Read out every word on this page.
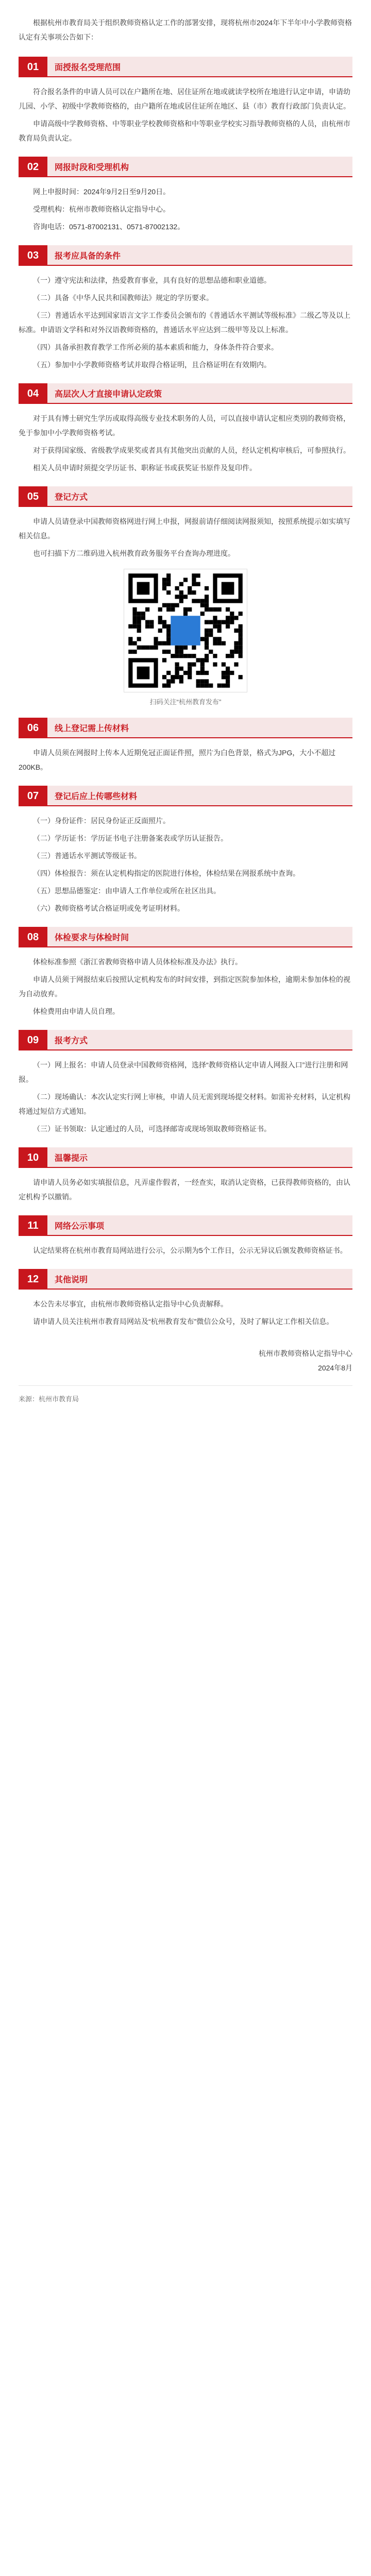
根据杭州市教育局关于组织教师资格认定工作的部署安排，现将杭州市2024年下半年中小学教师资格认定有关事项公告如下：

01	面授报名受理范围

符合报名条件的申请人员可以在户籍所在地、居住证所在地或就读学校所在地进行认定申请，申请幼儿园、小学、初级中学教师资格的，由户籍所在地或居住证所在地区、县（市）教育行政部门负责认定。

申请高级中学教师资格、中等职业学校教师资格和中等职业学校实习指导教师资格的人员，由杭州市教育局负责认定。

02	网报时段和受理机构

网上申报时间：2024年9月2日至9月20日。

受理机构：杭州市教师资格认定指导中心。

咨询电话：0571-87002131、0571-87002132。

03	报考应具备的条件

（一）遵守宪法和法律，热爱教育事业，具有良好的思想品德和职业道德。

（二）具备《中华人民共和国教师法》规定的学历要求。

（三）普通话水平达到国家语言文字工作委员会颁布的《普通话水平测试等级标准》二级乙等及以上标准。申请语文学科和对外汉语教师资格的，普通话水平应达到二级甲等及以上标准。

（四）具备承担教育教学工作所必须的基本素质和能力，身体条件符合要求。

（五）参加中小学教师资格考试并取得合格证明，且合格证明在有效期内。

04	高层次人才直接申请认定政策

对于具有博士研究生学历或取得高级专业技术职务的人员，可以直接申请认定相应类别的教师资格，免于参加中小学教师资格考试。

对于获得国家级、省级教学成果奖或者具有其他突出贡献的人员，经认定机构审核后，可参照执行。

相关人员申请时须提交学历证书、职称证书或获奖证书原件及复印件。

05	登记方式

申请人员请登录中国教师资格网进行网上申报，网报前请仔细阅读网报须知，按照系统提示如实填写相关信息。

也可扫描下方二维码进入杭州教育政务服务平台查询办理进度。

扫码关注“杭州教育发布”
06	线上登记需上传材料

申请人员须在网报时上传本人近期免冠正面证件照，照片为白色背景，格式为JPG，大小不超过200KB。

07	登记后应上传哪些材料

（一）身份证件：居民身份证正反面照片。

（二）学历证书：学历证书电子注册备案表或学历认证报告。

（三）普通话水平测试等级证书。

（四）体检报告：须在认定机构指定的医院进行体检，体检结果在网报系统中查询。

（五）思想品德鉴定：由申请人工作单位或所在社区出具。

（六）教师资格考试合格证明或免考证明材料。

08	体检要求与体检时间

体检标准参照《浙江省教师资格申请人员体检标准及办法》执行。

申请人员须于网报结束后按照认定机构发布的时间安排，到指定医院参加体检，逾期未参加体检的视为自动放弃。

体检费用由申请人员自理。

09	报考方式

（一）网上报名：申请人员登录中国教师资格网，选择“教师资格认定申请人网报入口”进行注册和网报。

（二）现场确认：本次认定实行网上审核，申请人员无需到现场提交材料。如需补充材料，认定机构将通过短信方式通知。

（三）证书领取：认定通过的人员，可选择邮寄或现场领取教师资格证书。

10	温馨提示

请申请人员务必如实填报信息，凡弄虚作假者，一经查实，取消认定资格，已获得教师资格的，由认定机构予以撤销。

11	网络公示事项

认定结果将在杭州市教育局网站进行公示，公示期为5个工作日，公示无异议后颁发教师资格证书。

12	其他说明

本公告未尽事宜，由杭州市教师资格认定指导中心负责解释。

请申请人员关注杭州市教育局网站及“杭州教育发布”微信公众号，及时了解认定工作相关信息。

杭州市教师资格认定指导中心
2024年8月
来源：杭州市教育局
